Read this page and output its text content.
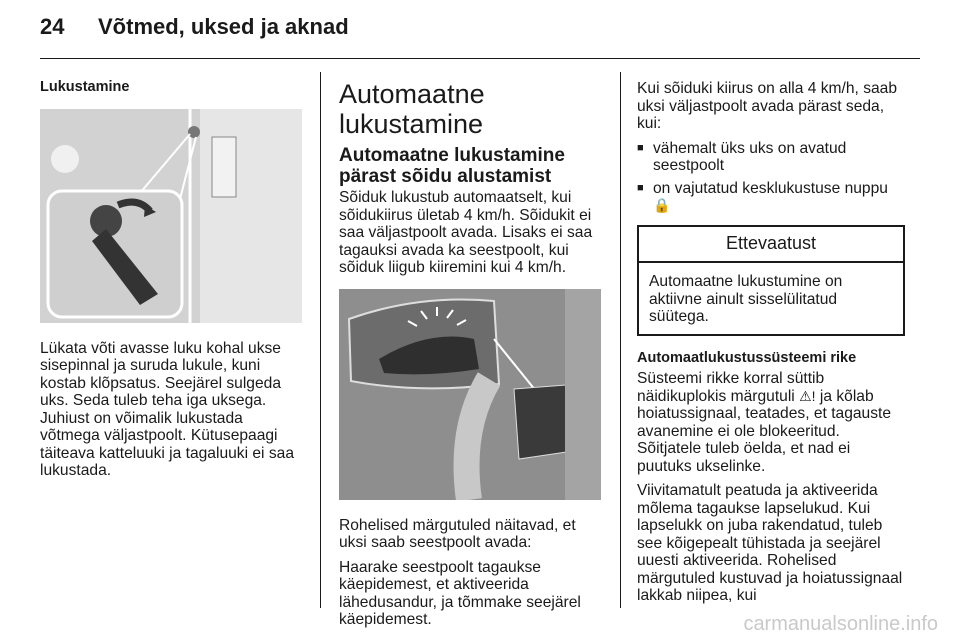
24 Võtmed, uksed ja aknad
Lukustamine
Lükata võti avasse luku kohal ukse sisepinnal ja suruda lukule, kuni kostab klõpsatus. Seejärel sulgeda uks. Seda tuleb teha iga uksega. Juhiust on võimalik lukustada võtmega väljastpoolt. Kütusepaagi täiteava katteluuki ja tagaluuki ei saa lukustada.
Automaatne lukustamine
Automaatne lukustamine pärast sõidu alustamist

Sõiduk lukustub automaatselt, kui sõidukiirus ületab 4 km/h. Sõidukit ei saa väljastpoolt avada. Lisaks ei saa tagauksi avada ka seestpoolt, kui sõiduk liigub kiiremini kui 4 km/h.

Rohelised märgutuled näitavad, et uksi saab seestpoolt avada:

Haarake seestpoolt tagaukse käepidemest, et aktiveerida lähedusandur, ja tõmmake seejärel käepidemest.

Kui sõiduki kiirus on alla 4 km/h, saab uksi väljastpoolt avada pärast seda, kui:

■ vähemalt üks uks on avatud seestpoolt
■ on vajutatud kesklukustuse nuppu 🔒
Ettevaatust
Automaatne lukustumine on aktiivne ainult sisselülitatud süütega.
Automaatlukustussüsteemi rike

Süsteemi rikke korral süttib näidikuplokis märgutuli ⚠! ja kõlab hoiatussignaal, teatades, et tagauste avanemine ei ole blokeeritud. Sõitjatele tuleb öelda, et nad ei puutuks ukselinke.

Viivitamatult peatuda ja aktiveerida mõlema tagaukse lapselukud. Kui lapselukk on juba rakendatud, tuleb see kõigepealt tühistada ja seejärel uuesti aktiveerida. Rohelised märgutuled kustuvad ja hoiatussignaal lakkab niipea, kui

carmanualsonline.info
